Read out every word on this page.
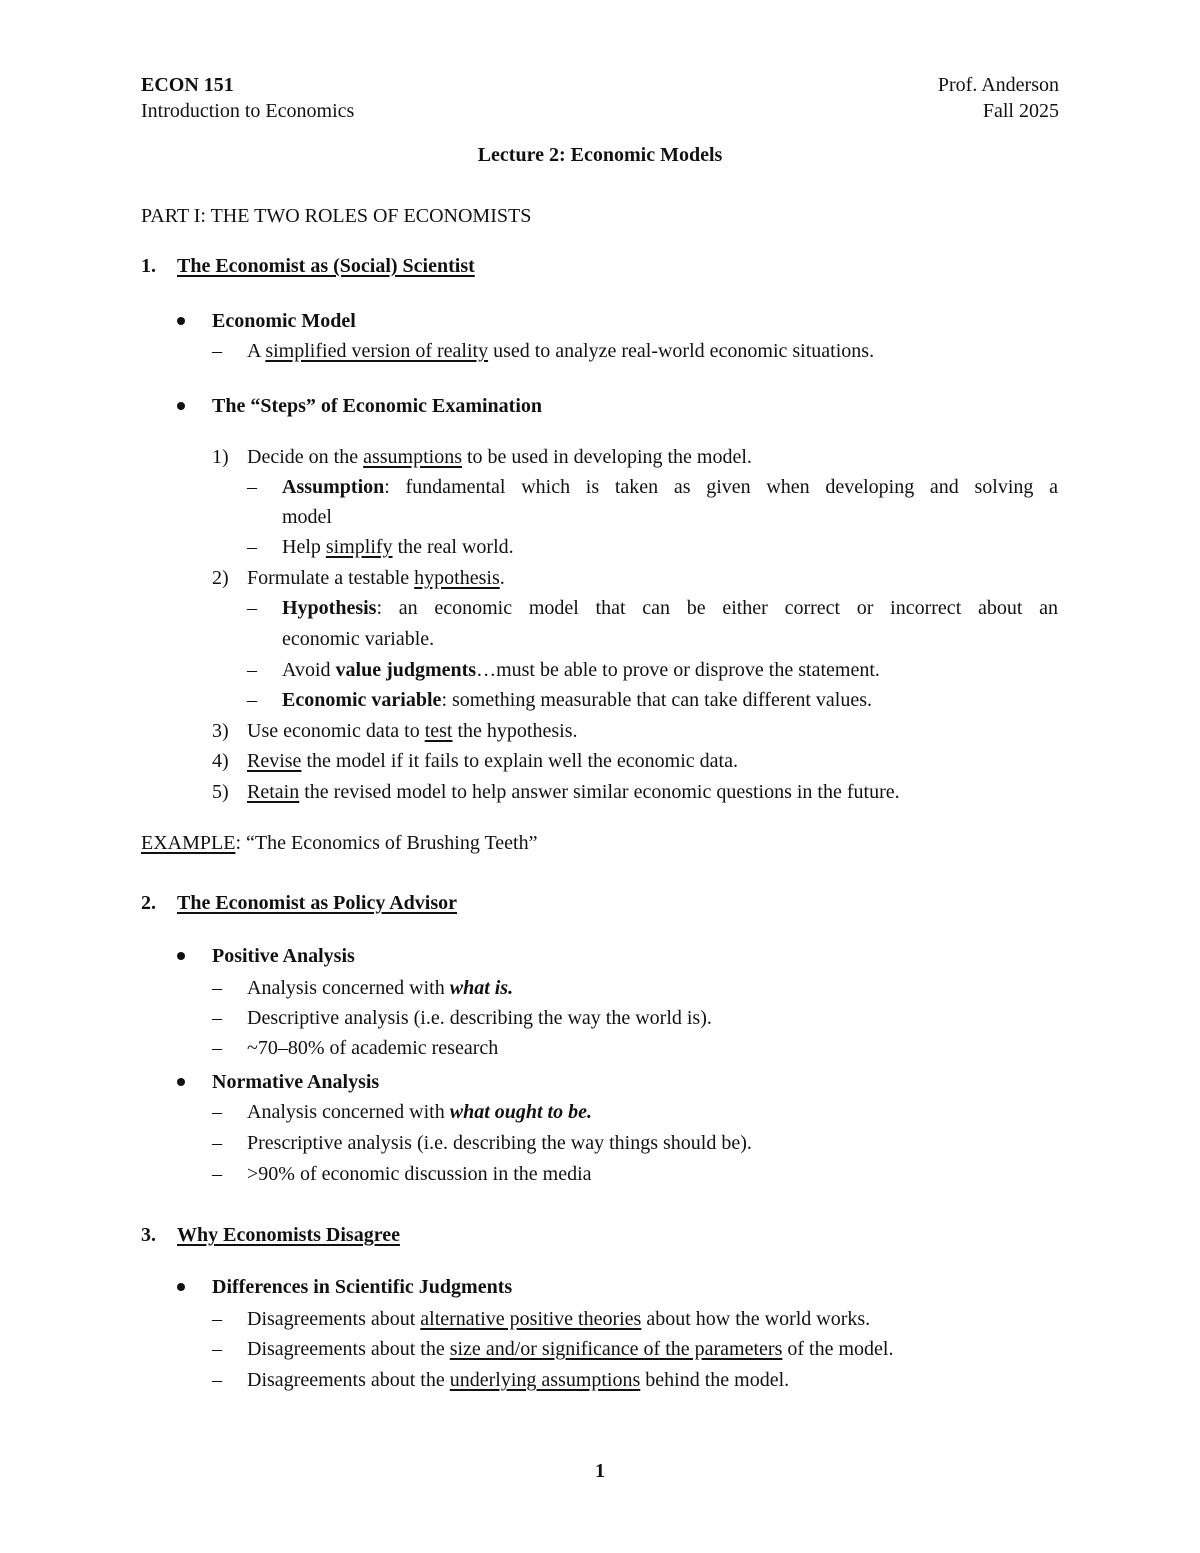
ECON 151
Introduction to Economics
Prof. Anderson
Fall 2025
Lecture 2: Economic Models
PART I: THE TWO ROLES OF ECONOMISTS
1. The Economist as (Social) Scientist
Economic Model
– A simplified version of reality used to analyze real-world economic situations.
The “Steps” of Economic Examination
1) Decide on the assumptions to be used in developing the model.
– Assumption: fundamental which is taken as given when developing and solving a
model
– Help simplify the real world.
2) Formulate a testable hypothesis.
– Hypothesis: an economic model that can be either correct or incorrect about an
economic variable.
– Avoid value judgments…must be able to prove or disprove the statement.
– Economic variable: something measurable that can take different values.
3) Use economic data to test the hypothesis.
4) Revise the model if it fails to explain well the economic data.
5) Retain the revised model to help answer similar economic questions in the future.
EXAMPLE: “The Economics of Brushing Teeth”
2. The Economist as Policy Advisor
Positive Analysis
– Analysis concerned with what is.
– Descriptive analysis (i.e. describing the way the world is).
– ~70–80% of academic research
Normative Analysis
– Analysis concerned with what ought to be.
– Prescriptive analysis (i.e. describing the way things should be).
– >90% of economic discussion in the media
3. Why Economists Disagree
Differences in Scientific Judgments
– Disagreements about alternative positive theories about how the world works.
– Disagreements about the size and/or significance of the parameters of the model.
– Disagreements about the underlying assumptions behind the model.
1
